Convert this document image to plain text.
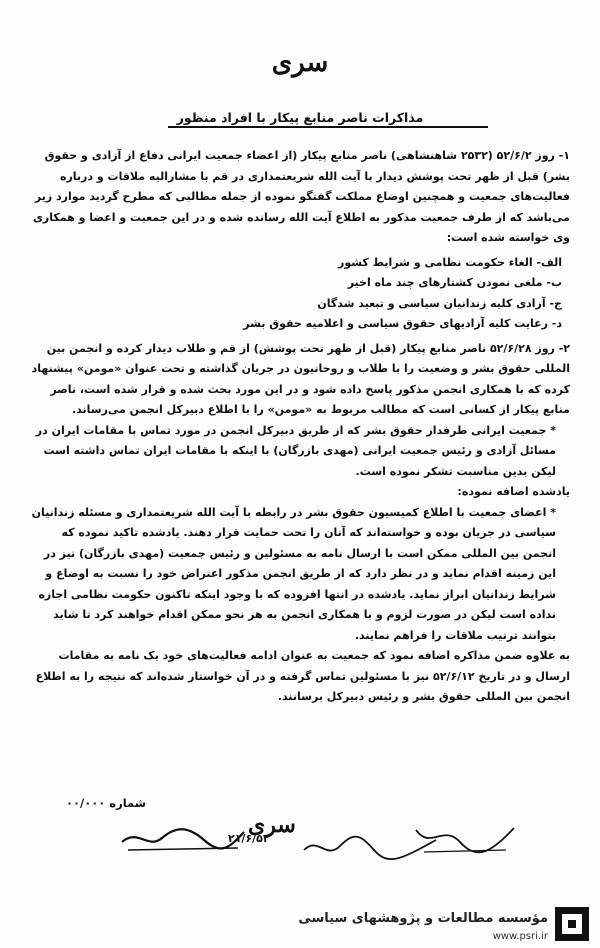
سری
مذاکرات ناصر منابع پیکار با افراد منظور

۱- روز ۵۲/۶/۲ (۲۵۳۲ شاهنشاهی) ناصر منابع پیکار (از اعضاء جمعیت ایرانی دفاع از آزادی و حقوق بشر) قبل از ظهر تحت پوشش دیدار با آیت الله شریعتمداری در قم با مشارالیه ملاقات و درباره فعالیت‌های جمعیت و همچنین اوضاع مملکت گفتگو نموده از جمله مطالبی که مطرح گردید موارد زیر می‌باشد که از طرف جمعیت مذکور به اطلاع آیت الله رسانده شده و در این جمعیت و اعضا و همکاری وی خواسته شده است:

الف- الغاء حکومت نظامی و شرایط کشور

ب- ملغی نمودن کشتارهای چند ماه اخیر

ج- آزادی کلیه زندانیان سیاسی و تبعید شدگان

د- رعایت کلیه آزادیهای حقوق سیاسی و اعلامیه حقوق بشر

۲- روز ۵۲/۶/۲۸ ناصر منابع پیکار (قبل از ظهر تحت پوشش) از قم و طلاب دیدار کرده و انجمن بین المللی حقوق بشر و وضعیت را با طلاب و روحانیون در جریان گذاشته و تحت عنوان «مومن» پیشنهاد کرده که با همکاری انجمن مذکور پاسخ داده شود و در این مورد بحث شده و قرار شده است، ناصر منابع پیکار از کسانی است که مطالب مربوط به «مومن» را با اطلاع دبیرکل انجمن می‌رساند.

* جمعیت ایرانی طرفدار حقوق بشر که از طریق دبیرکل انجمن در مورد تماس با مقامات ایران در مسائل آزادی و رئیس جمعیت ایرانی (مهدی بازرگان) با اینکه با مقامات ایران تماس داشته است لیکن بدین مناسبت تشکر نموده است.

یادشده اضافه نموده:

* اعضای جمعیت با اطلاع کمیسیون حقوق بشر در رابطه با آیت الله شریعتمداری و مسئله زندانیان سیاسی در جریان بوده و خواسته‌اند که آنان را تحت حمایت قرار دهند. یادشده تاکید نموده که انجمن بین المللی ممکن است با ارسال نامه به مسئولین و رئیس جمعیت (مهدی بازرگان) نیز در این زمینه اقدام نماید و در نظر دارد که از طریق انجمن مذکور اعتراض خود را نسبت به اوضاع و شرایط زندانیان ابراز نماید. یادشده در انتها افزوده که با وجود اینکه تاکنون حکومت نظامی اجازه نداده است لیکن در صورت لزوم و با همکاری انجمن به هر نحو ممکن اقدام خواهند کرد تا شاید بتوانند ترتیب ملاقات را فراهم نمایند.

به علاوه ضمن مذاکره اضافه نمود که جمعیت به عنوان ادامه فعالیت‌های خود یک نامه به مقامات ارسال و در تاریخ ۵۲/۶/۱۲ نیز با مسئولین تماس گرفته و در آن خواستار شده‌اند که نتیجه را به اطلاع انجمن بین المللی حقوق بشر و رئیس دبیرکل برسانند.

شماره ۰۰/۰۰۰
سری
۲۱/۶/۵۲
مؤسسه مطالعات و پژوهشهای سیاسی
www.psri.ir
